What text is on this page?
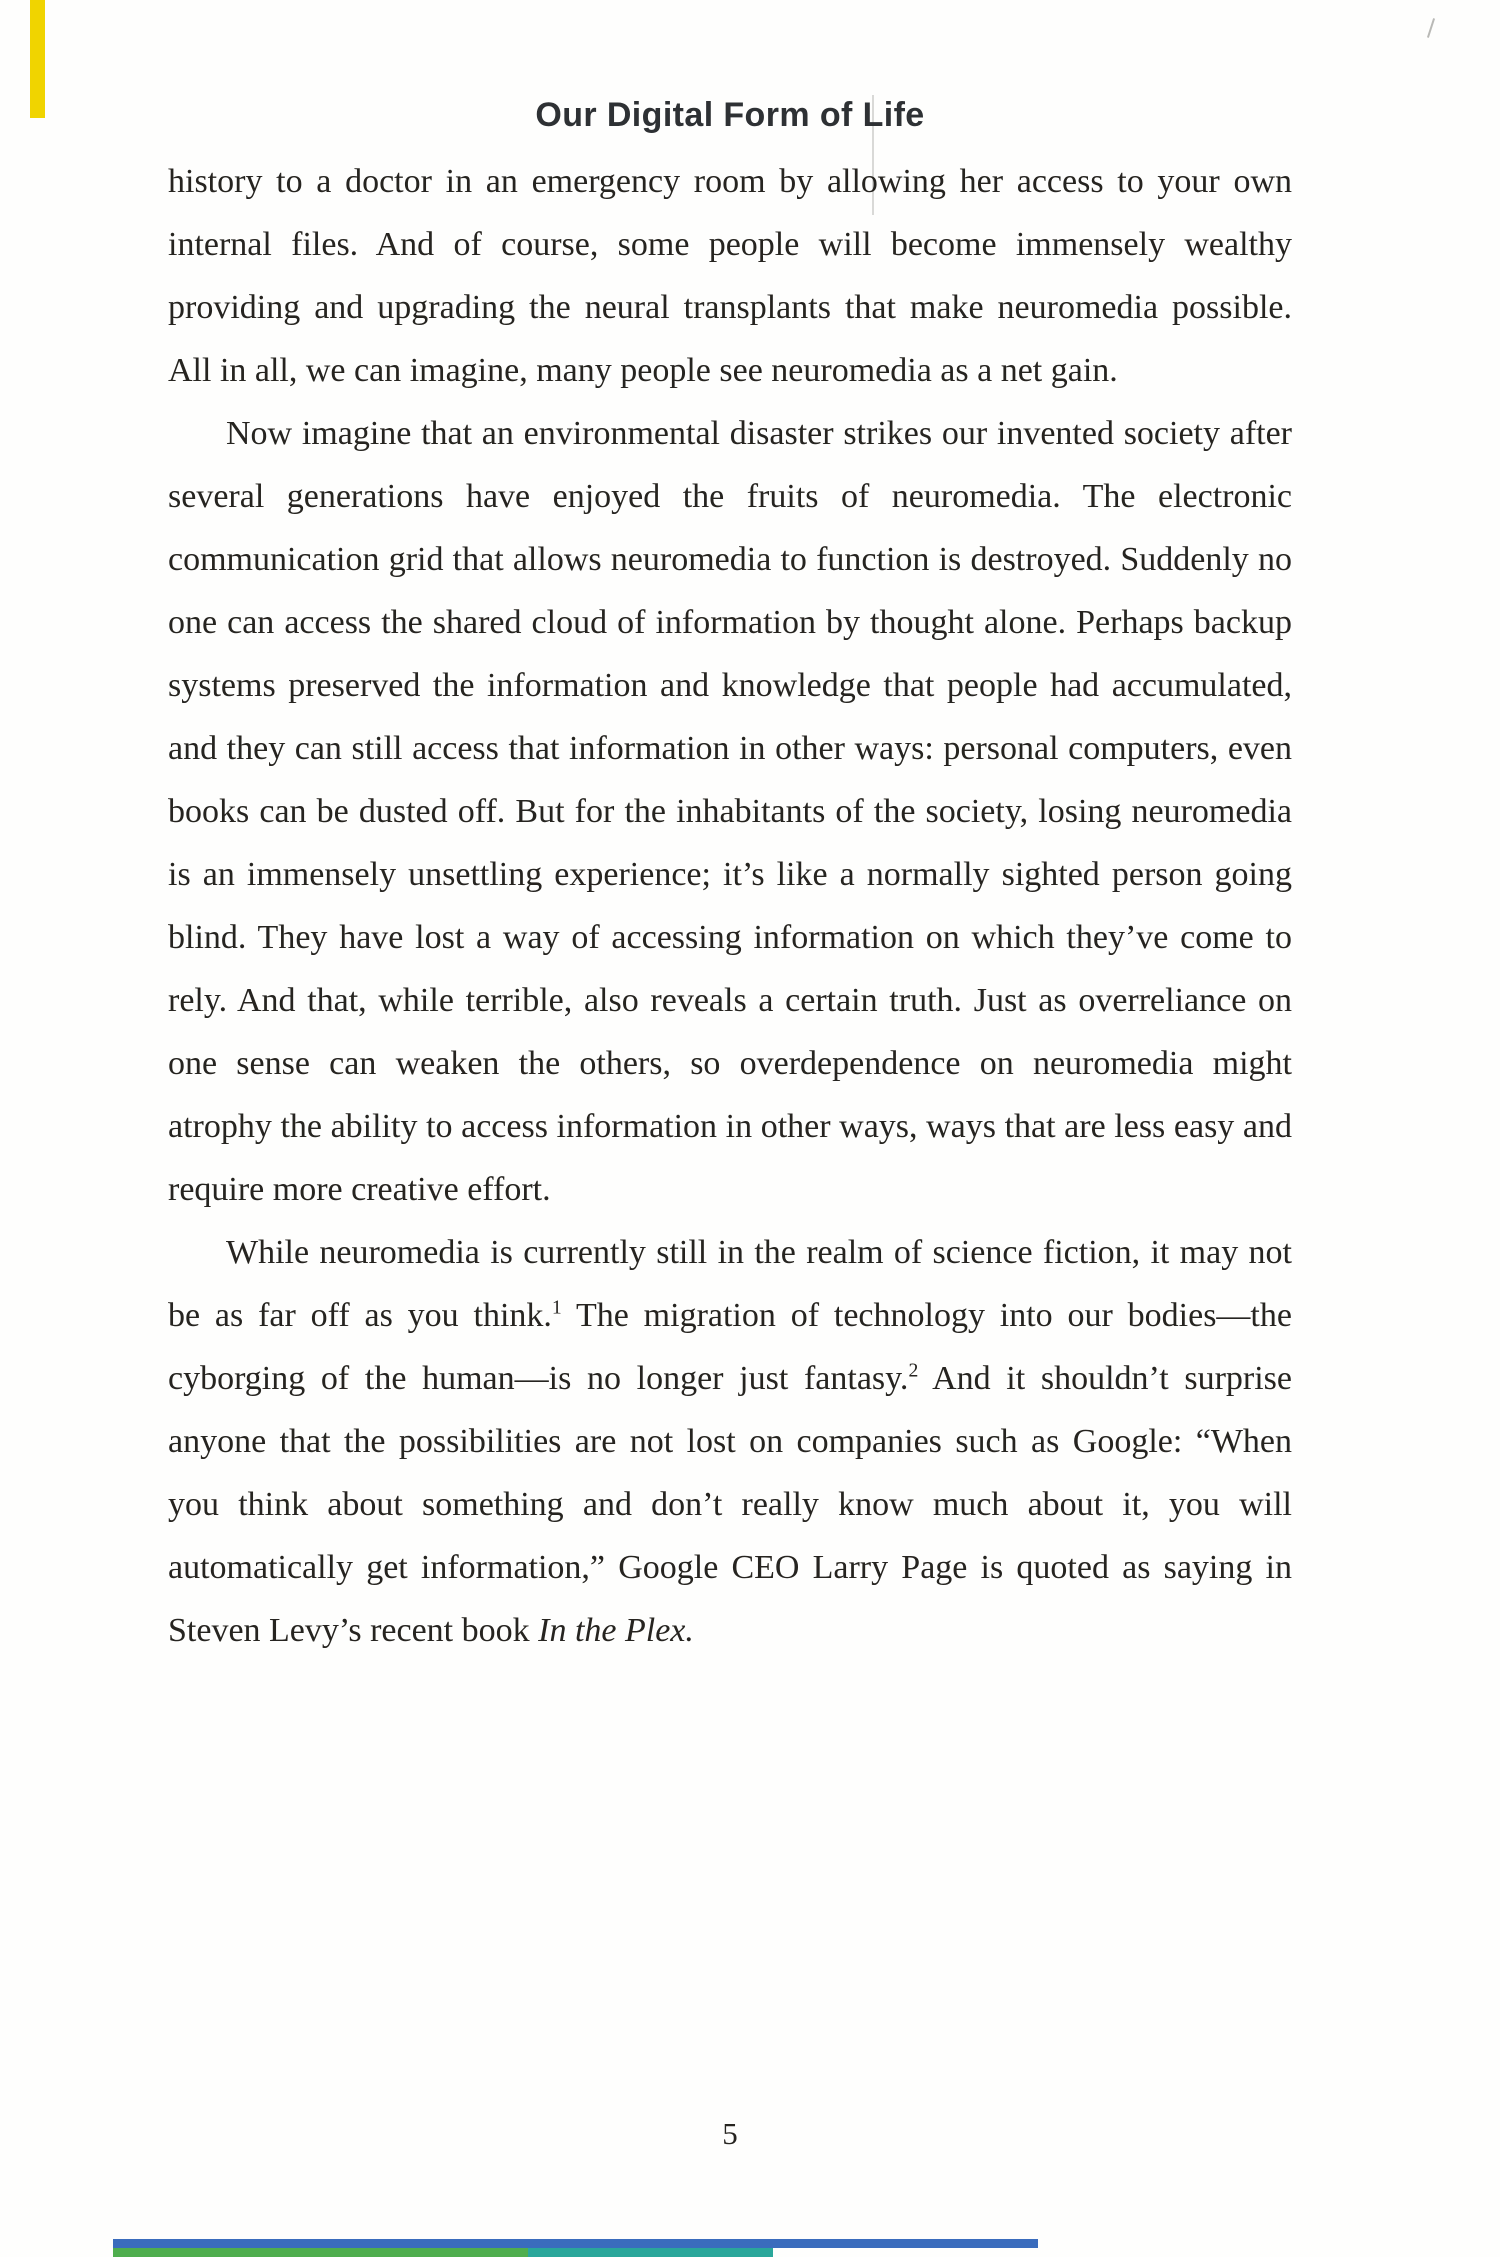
Our Digital Form of Life

history to a doctor in an emergency room by allowing her access to your own internal files. And of course, some people will become immensely wealthy providing and upgrading the neural transplants that make neuromedia possible. All in all, we can imagine, many people see neuromedia as a net gain.

Now imagine that an environmental disaster strikes our invented society after several generations have enjoyed the fruits of neuromedia. The electronic communication grid that allows neuromedia to function is destroyed. Suddenly no one can access the shared cloud of information by thought alone. Perhaps backup systems preserved the information and knowledge that people had accumulated, and they can still access that information in other ways: personal computers, even books can be dusted off. But for the inhabitants of the society, losing neuromedia is an immensely unsettling experience; it’s like a normally sighted person going blind. They have lost a way of accessing information on which they’ve come to rely. And that, while terrible, also reveals a certain truth. Just as overreliance on one sense can weaken the others, so overdependence on neuromedia might atrophy the ability to access information in other ways, ways that are less easy and require more creative effort.

While neuromedia is currently still in the realm of science fiction, it may not be as far off as you think.$^1$ The migration of technology into our bodies—the cyborging of the human—is no longer just fantasy.$^2$ And it shouldn’t surprise anyone that the possibilities are not lost on companies such as Google: “When you think about something and don’t really know much about it, you will automatically get information,” Google CEO Larry Page is quoted as saying in Steven Levy’s recent book In the Plex.

5
